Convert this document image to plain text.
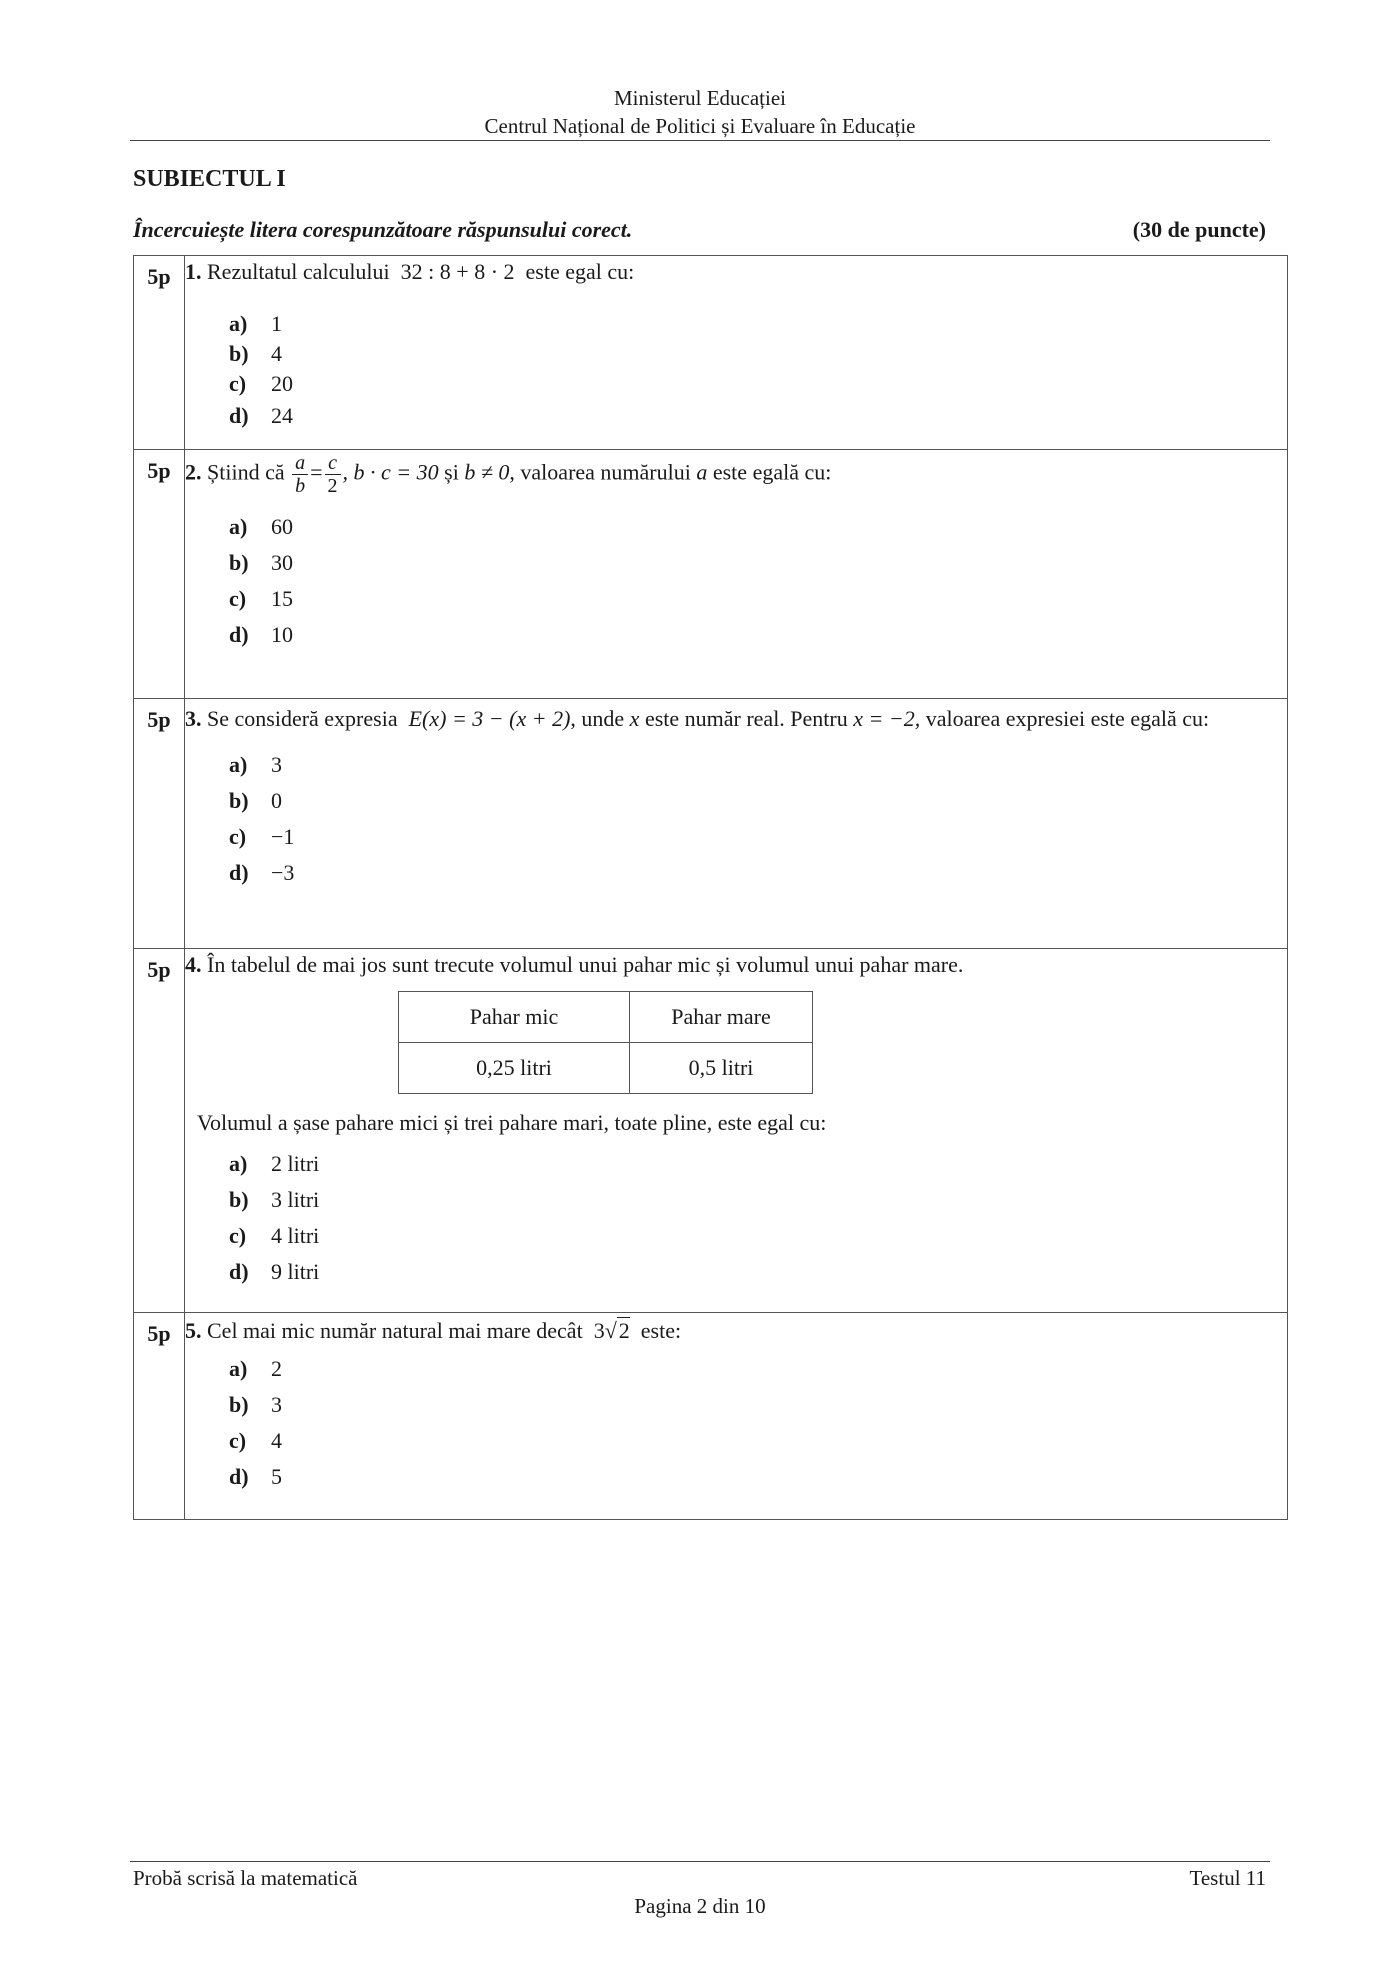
Ministerul Educației
Centrul Național de Politici și Evaluare în Educație
SUBIECTUL I
Încercuiește litera corespunzătoare răspunsului corect.	(30 de puncte)
5p	1. Rezultatul calculului 32 : 8 + 8 · 2 este egal cu:
a) 1
b) 4
c) 20
d) 24

5p	2. Știind că $\frac{a}{b} = \frac{c}{2}$ , b · c = 30 și b ≠ 0, valoarea numărului a este egală cu:
a) 60
b) 30
c) 15
d) 10

5p	3. Se consideră expresia E(x) = 3 − (x + 2), unde x este număr real. Pentru x = −2, valoarea expresiei este egală cu:
a) 3
b) 0
c) −1
d) −3

5p	4. În tabelul de mai jos sunt trecute volumul unui pahar mic și volumul unui pahar mare.
Pahar mic	Pahar mare
0,25 litri	0,5 litri
Volumul a șase pahare mici și trei pahare mari, toate pline, este egal cu:
a) 2 litri
b) 3 litri
c) 4 litri
d) 9 litri

5p	5. Cel mai mic număr natural mai mare decât 3√2 este:
a) 2
b) 3
c) 4
d) 5
Probă scrisă la matematică	Testul 11
Pagina 2 din 10
